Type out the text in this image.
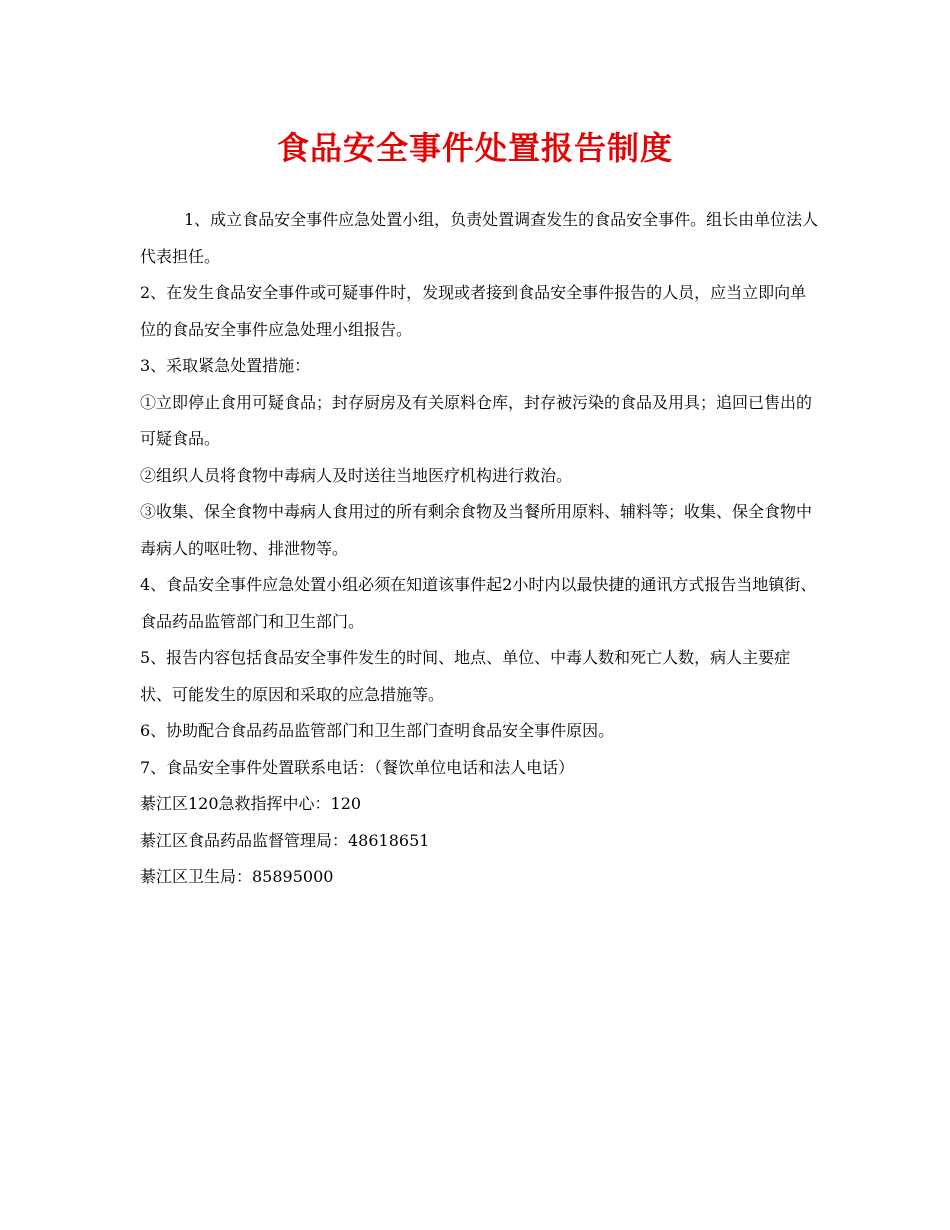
食品安全事件处置报告制度

1、成立食品安全事件应急处置小组，负责处置调查发生的食品安全事件。组长由单位法人代表担任。

2、在发生食品安全事件或可疑事件时，发现或者接到食品安全事件报告的人员，应当立即向单位的食品安全事件应急处理小组报告。

3、采取紧急处置措施：

①立即停止食用可疑食品；封存厨房及有关原料仓库，封存被污染的食品及用具；追回已售出的可疑食品。

②组织人员将食物中毒病人及时送往当地医疗机构进行救治。

③收集、保全食物中毒病人食用过的所有剩余食物及当餐所用原料、辅料等；收集、保全食物中毒病人的呕吐物、排泄物等。

4、食品安全事件应急处置小组必须在知道该事件起2小时内以最快捷的通讯方式报告当地镇街、食品药品监管部门和卫生部门。

5、报告内容包括食品安全事件发生的时间、地点、单位、中毒人数和死亡人数，病人主要症状、可能发生的原因和采取的应急措施等。

6、协助配合食品药品监管部门和卫生部门查明食品安全事件原因。

7、食品安全事件处置联系电话：（餐饮单位电话和法人电话）

綦江区120急救指挥中心：120

綦江区食品药品监督管理局：48618651

綦江区卫生局：85895000
